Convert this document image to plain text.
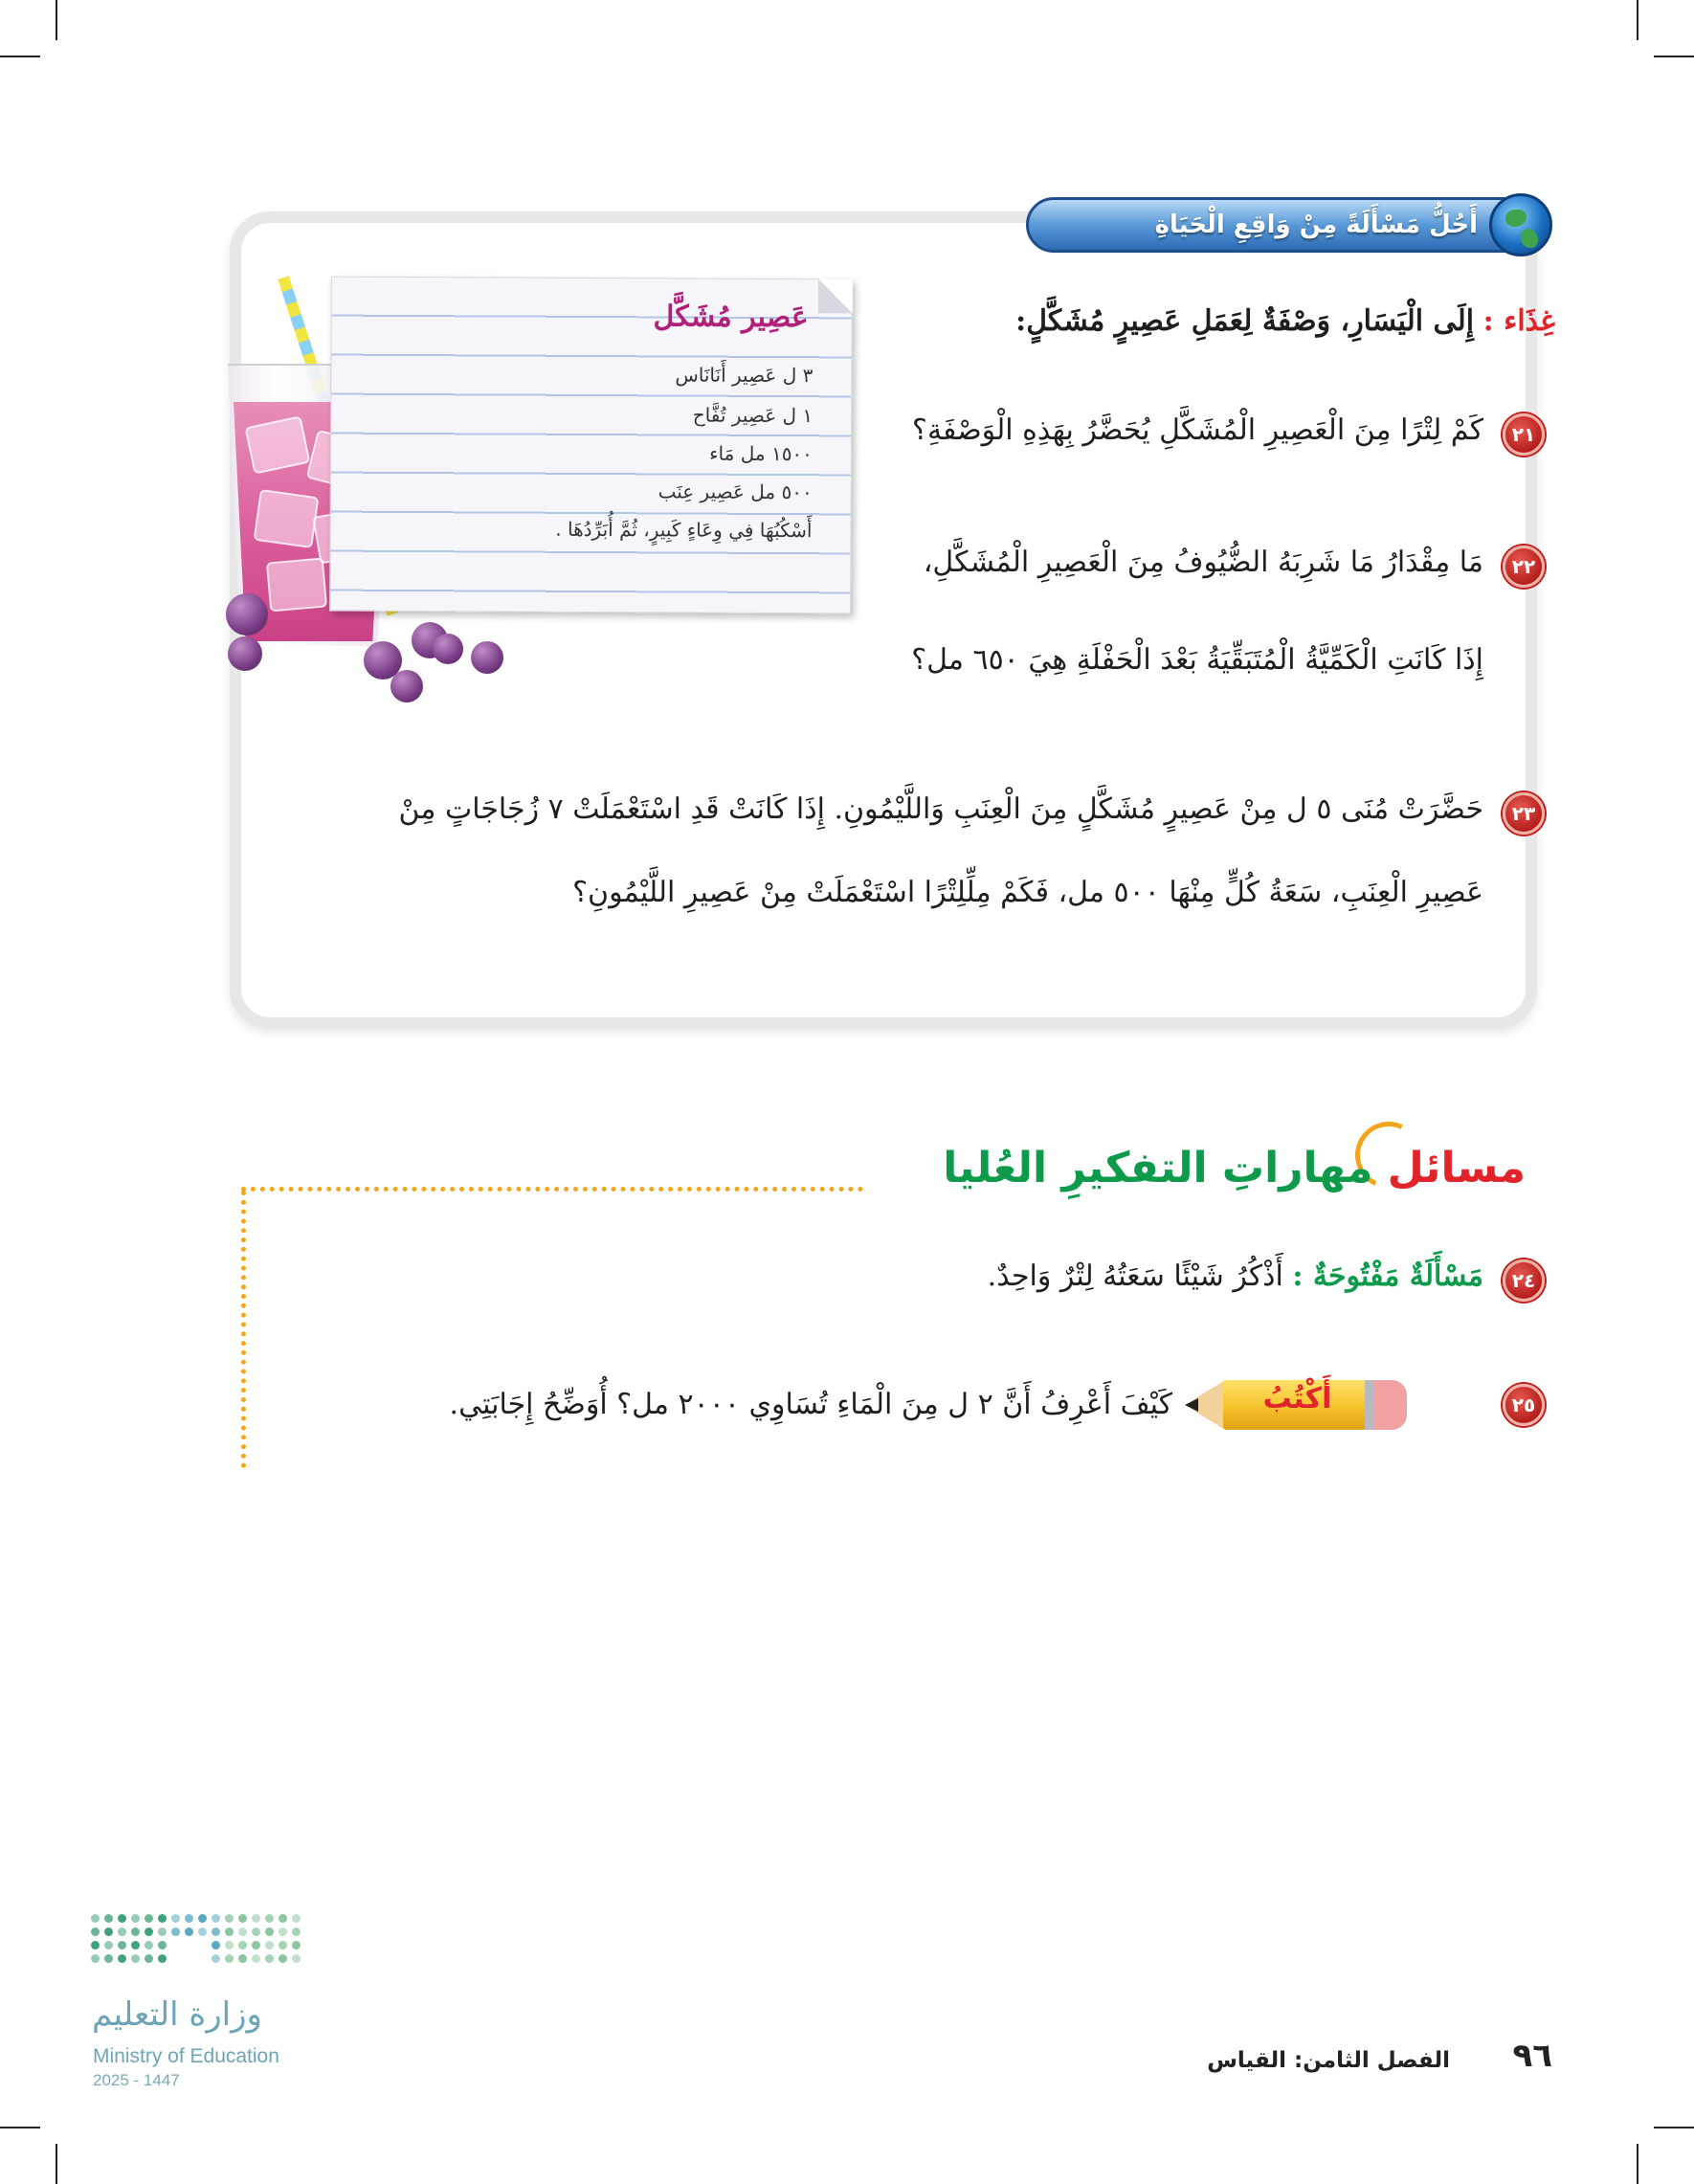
أَحُلُّ مَسْأَلَةً مِنْ وَاقِعِ الْحَيَاةِ
عَصِير مُشَكَّل
٣ ل عَصِير أَنَانَاس
١ ل عَصِير تُفَّاح
١٥٠٠ مل مَاء
٥٠٠ مل عَصِير عِنَب
أَسْكُبُهَا فِي وِعَاءٍ كَبِيرٍ، ثُمَّ أُبَرِّدُهَا .
غِذَاء : إِلَى الْيَسَارِ، وَصْفَةٌ لِعَمَلِ عَصِيرٍ مُشَكَّلٍ:
٢١
كَمْ لِتْرًا مِنَ الْعَصِيرِ الْمُشَكَّلِ يُحَضَّرُ بِهَذِهِ الْوَصْفَةِ؟
٢٢
مَا مِقْدَارُ مَا شَرِبَهُ الضُّيُوفُ مِنَ الْعَصِيرِ الْمُشَكَّلِ،
إِذَا كَانَتِ الْكَمِّيَّةُ الْمُتَبَقِّيَةُ بَعْدَ الْحَفْلَةِ هِيَ ٦٥٠ مل؟
٢٣
حَضَّرَتْ مُنَى ٥ ل مِنْ عَصِيرٍ مُشَكَّلٍ مِنَ الْعِنَبِ وَاللَّيْمُونِ. إِذَا كَانَتْ قَدِ اسْتَعْمَلَتْ ٧ زُجَاجَاتٍ مِنْ
عَصِيرِ الْعِنَبِ، سَعَةُ كُلٍّ مِنْهَا ٥٠٠ مل، فَكَمْ مِلِّلِتْرًا اسْتَعْمَلَتْ مِنْ عَصِيرِ اللَّيْمُونِ؟
مسائل مهاراتِ التفكيرِ العُليا
٢٤
مَسْأَلَةٌ مَفْتُوحَةٌ : أَذْكُرُ شَيْئًا سَعَتُهُ لِتْرٌ وَاحِدٌ.
٢٥
أَكْتُبُ
كَيْفَ أَعْرِفُ أَنَّ ٢ ل مِنَ الْمَاءِ تُسَاوِي ٢٠٠٠ مل؟ أُوَضِّحُ إِجَابَتِي.
وزارة التعليم
Ministry of Education
2025 - 1447
الفصل الثامن: القياس ٩٦
